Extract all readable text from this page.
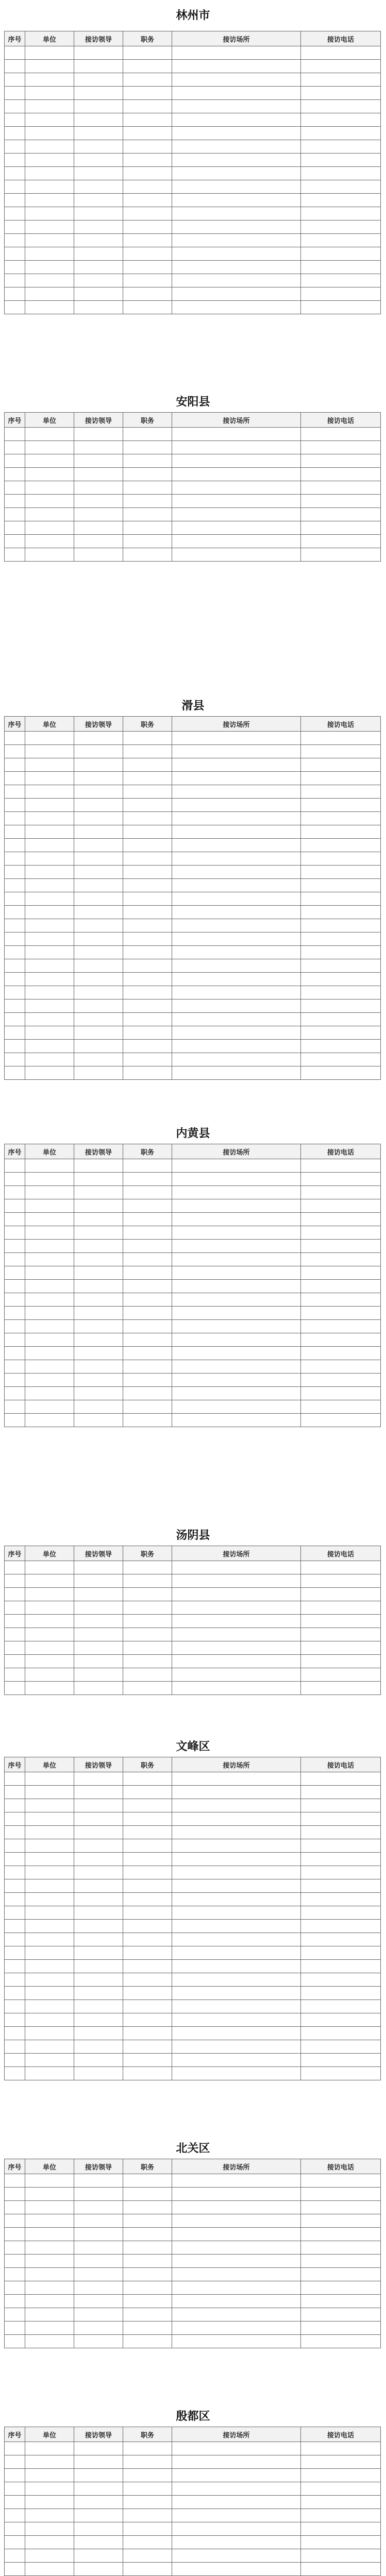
林州市
序号	单位	接访领导	职务	接访场所	接访电话

安阳县
序号	单位	接访领导	职务	接访场所	接访电话

滑县
序号	单位	接访领导	职务	接访场所	接访电话

内黄县
序号	单位	接访领导	职务	接访场所	接访电话

汤阴县
序号	单位	接访领导	职务	接访场所	接访电话

文峰区
序号	单位	接访领导	职务	接访场所	接访电话

北关区
序号	单位	接访领导	职务	接访场所	接访电话

殷都区
序号	单位	接访领导	职务	接访场所	接访电话
